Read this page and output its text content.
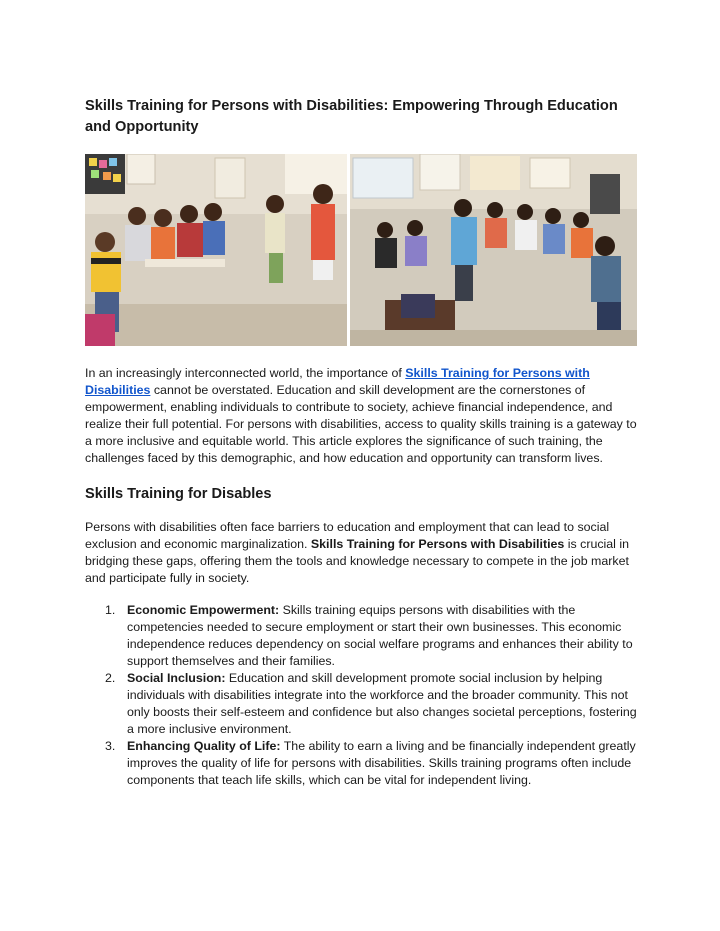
Skills Training for Persons with Disabilities: Empowering Through Education and Opportunity

In an increasingly interconnected world, the importance of Skills Training for Persons with Disabilities cannot be overstated. Education and skill development are the cornerstones of empowerment, enabling individuals to contribute to society, achieve financial independence, and realize their full potential. For persons with disabilities, access to quality skills training is a gateway to a more inclusive and equitable world. This article explores the significance of such training, the challenges faced by this demographic, and how education and opportunity can transform lives.

Skills Training for Disables

Persons with disabilities often face barriers to education and employment that can lead to social exclusion and economic marginalization. Skills Training for Persons with Disabilities is crucial in bridging these gaps, offering them the tools and knowledge necessary to compete in the job market and participate fully in society.

1. Economic Empowerment: Skills training equips persons with disabilities with the competencies needed to secure employment or start their own businesses. This economic independence reduces dependency on social welfare programs and enhances their ability to support themselves and their families.
2. Social Inclusion: Education and skill development promote social inclusion by helping individuals with disabilities integrate into the workforce and the broader community. This not only boosts their self-esteem and confidence but also changes societal perceptions, fostering a more inclusive environment.
3. Enhancing Quality of Life: The ability to earn a living and be financially independent greatly improves the quality of life for persons with disabilities. Skills training programs often include components that teach life skills, which can be vital for independent living.
